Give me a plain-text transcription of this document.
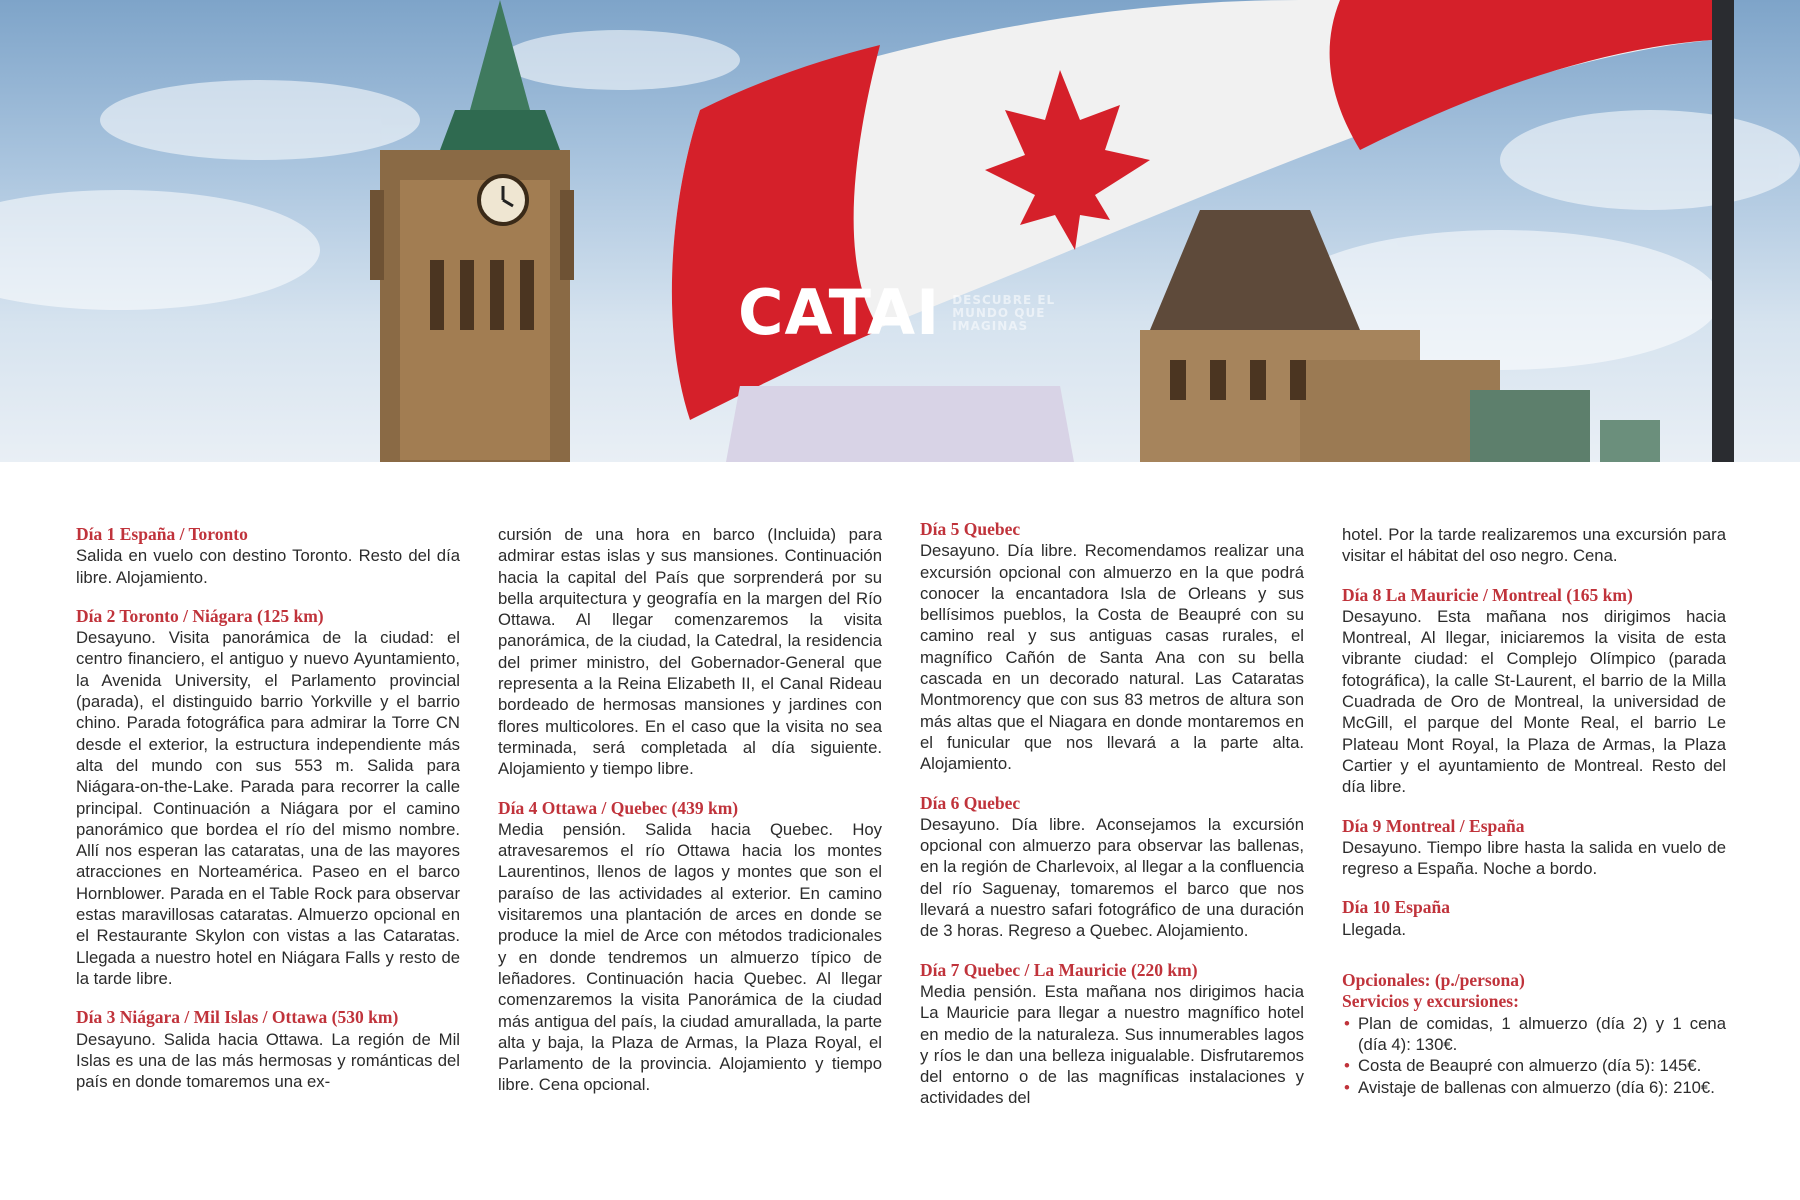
CATAI DESCUBRE EL
MUNDO QUE
IMAGINAS

Día 1 España / Toronto
Salida en vuelo con destino Toronto. Resto del día libre. Alojamiento.

Día 2 Toronto / Niágara (125 km)
Desayuno. Visita panorámica de la ciudad: el centro financiero, el antiguo y nuevo Ayuntamiento, la Avenida University, el Parlamento provincial (parada), el distinguido barrio Yorkville y el barrio chino. Parada fotográfica para admirar la Torre CN desde el exterior, la estructura independiente más alta del mundo con sus 553 m. Salida para Niágara-on-the-Lake. Parada para recorrer la calle principal. Continuación a Niágara por el camino panorámico que bordea el río del mismo nombre. Allí nos esperan las cataratas, una de las mayores atracciones en Norteamérica. Paseo en el barco Hornblower. Parada en el Table Rock para observar estas maravillosas cataratas. Almuerzo opcional en el Restaurante Skylon con vistas a las Cataratas. Llegada a nuestro hotel en Niágara Falls y resto de la tarde libre.

Día 3 Niágara / Mil Islas / Ottawa (530 km)
Desayuno. Salida hacia Ottawa. La región de Mil Islas es una de las más hermosas y románticas del país en donde tomaremos una ex-

cursión de una hora en barco (Incluida) para admirar estas islas y sus mansiones. Continuación hacia la capital del País que sorprenderá por su bella arquitectura y geografía en la margen del Río Ottawa. Al llegar comenzaremos la visita panorámica, de la ciudad, la Catedral, la residencia del primer ministro, del Gobernador-General que representa a la Reina Elizabeth II, el Canal Rideau bordeado de hermosas mansiones y jardines con flores multicolores. En el caso que la visita no sea terminada, será completada al día siguiente. Alojamiento y tiempo libre.

Día 4 Ottawa / Quebec (439 km)
Media pensión. Salida hacia Quebec. Hoy atravesaremos el río Ottawa hacia los montes Laurentinos, llenos de lagos y montes que son el paraíso de las actividades al exterior. En camino visitaremos una plantación de arces en donde se produce la miel de Arce con métodos tradicionales y en donde tendremos un almuerzo típico de leñadores. Continuación hacia Quebec. Al llegar comenzaremos la visita Panorámica de la ciudad más antigua del país, la ciudad amurallada, la parte alta y baja, la Plaza de Armas, la Plaza Royal, el Parlamento de la provincia. Alojamiento y tiempo libre. Cena opcional.

Día 5 Quebec
Desayuno. Día libre. Recomendamos realizar una excursión opcional con almuerzo en la que podrá conocer la encantadora Isla de Orleans y sus bellísimos pueblos, la Costa de Beaupré con su camino real y sus antiguas casas rurales, el magnífico Cañón de Santa Ana con su bella cascada en un decorado natural. Las Cataratas Montmorency que con sus 83 metros de altura son más altas que el Niagara en donde montaremos en el funicular que nos llevará a la parte alta. Alojamiento.

Día 6 Quebec
Desayuno. Día libre. Aconsejamos la excursión opcional con almuerzo para observar las ballenas, en la región de Charlevoix, al llegar a la confluencia del río Saguenay, tomaremos el barco que nos llevará a nuestro safari fotográfico de una duración de 3 horas. Regreso a Quebec. Alojamiento.

Día 7 Quebec / La Mauricie (220 km)
Media pensión. Esta mañana nos dirigimos hacia La Mauricie para llegar a nuestro magnífico hotel en medio de la naturaleza. Sus innumerables lagos y ríos le dan una belleza inigualable. Disfrutaremos del entorno o de las magníficas instalaciones y actividades del

hotel. Por la tarde realizaremos una excursión para visitar el hábitat del oso negro. Cena.

Día 8 La Mauricie / Montreal (165 km)
Desayuno. Esta mañana nos dirigimos hacia Montreal, Al llegar, iniciaremos la visita de esta vibrante ciudad: el Complejo Olímpico (parada fotográfica), la calle St-Laurent, el barrio de la Milla Cuadrada de Oro de Montreal, la universidad de McGill, el parque del Monte Real, el barrio Le Plateau Mont Royal, la Plaza de Armas, la Plaza Cartier y el ayuntamiento de Montreal. Resto del día libre.

Día 9 Montreal / España
Desayuno. Tiempo libre hasta la salida en vuelo de regreso a España. Noche a bordo.

Día 10 España
Llegada.

Opcionales: (p./persona)
Servicios y excursiones:
• Plan de comidas, 1 almuerzo (día 2) y 1 cena (día 4): 130€.
• Costa de Beaupré con almuerzo (día 5): 145€.
• Avistaje de ballenas con almuerzo (día 6): 210€.
